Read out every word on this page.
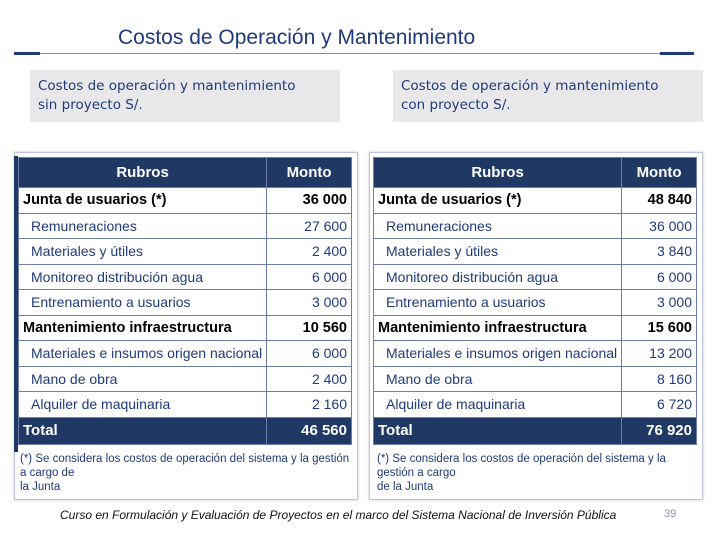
Costos de Operación y Mantenimiento
Costos de operación y mantenimiento
sin proyecto S/.
Costos de operación y mantenimiento
con proyecto S/.
Rubros	Monto
Junta de usuarios (*)	36 000
Remuneraciones	27 600
Materiales y útiles	2 400
Monitoreo distribución agua	6 000
Entrenamiento a usuarios	3 000
Mantenimiento infraestructura	10 560
Materiales e insumos origen nacional	6 000
Mano de obra	2 400
Alquiler de maquinaria	2 160
Total	46 560
(*) Se considera los costos de operación del sistema y la gestión a cargo de
la Junta
Rubros	Monto
Junta de usuarios (*)	48 840
Remuneraciones	36 000
Materiales y útiles	3 840
Monitoreo distribución agua	6 000
Entrenamiento a usuarios	3 000
Mantenimiento infraestructura	15 600
Materiales e insumos origen nacional	13 200
Mano de obra	8 160
Alquiler de maquinaria	6 720
Total	76 920
(*) Se considera los costos de operación del sistema y la gestión a cargo
de la Junta
Curso en Formulación y Evaluación de Proyectos en el marco del Sistema Nacional de Inversión Pública	39
